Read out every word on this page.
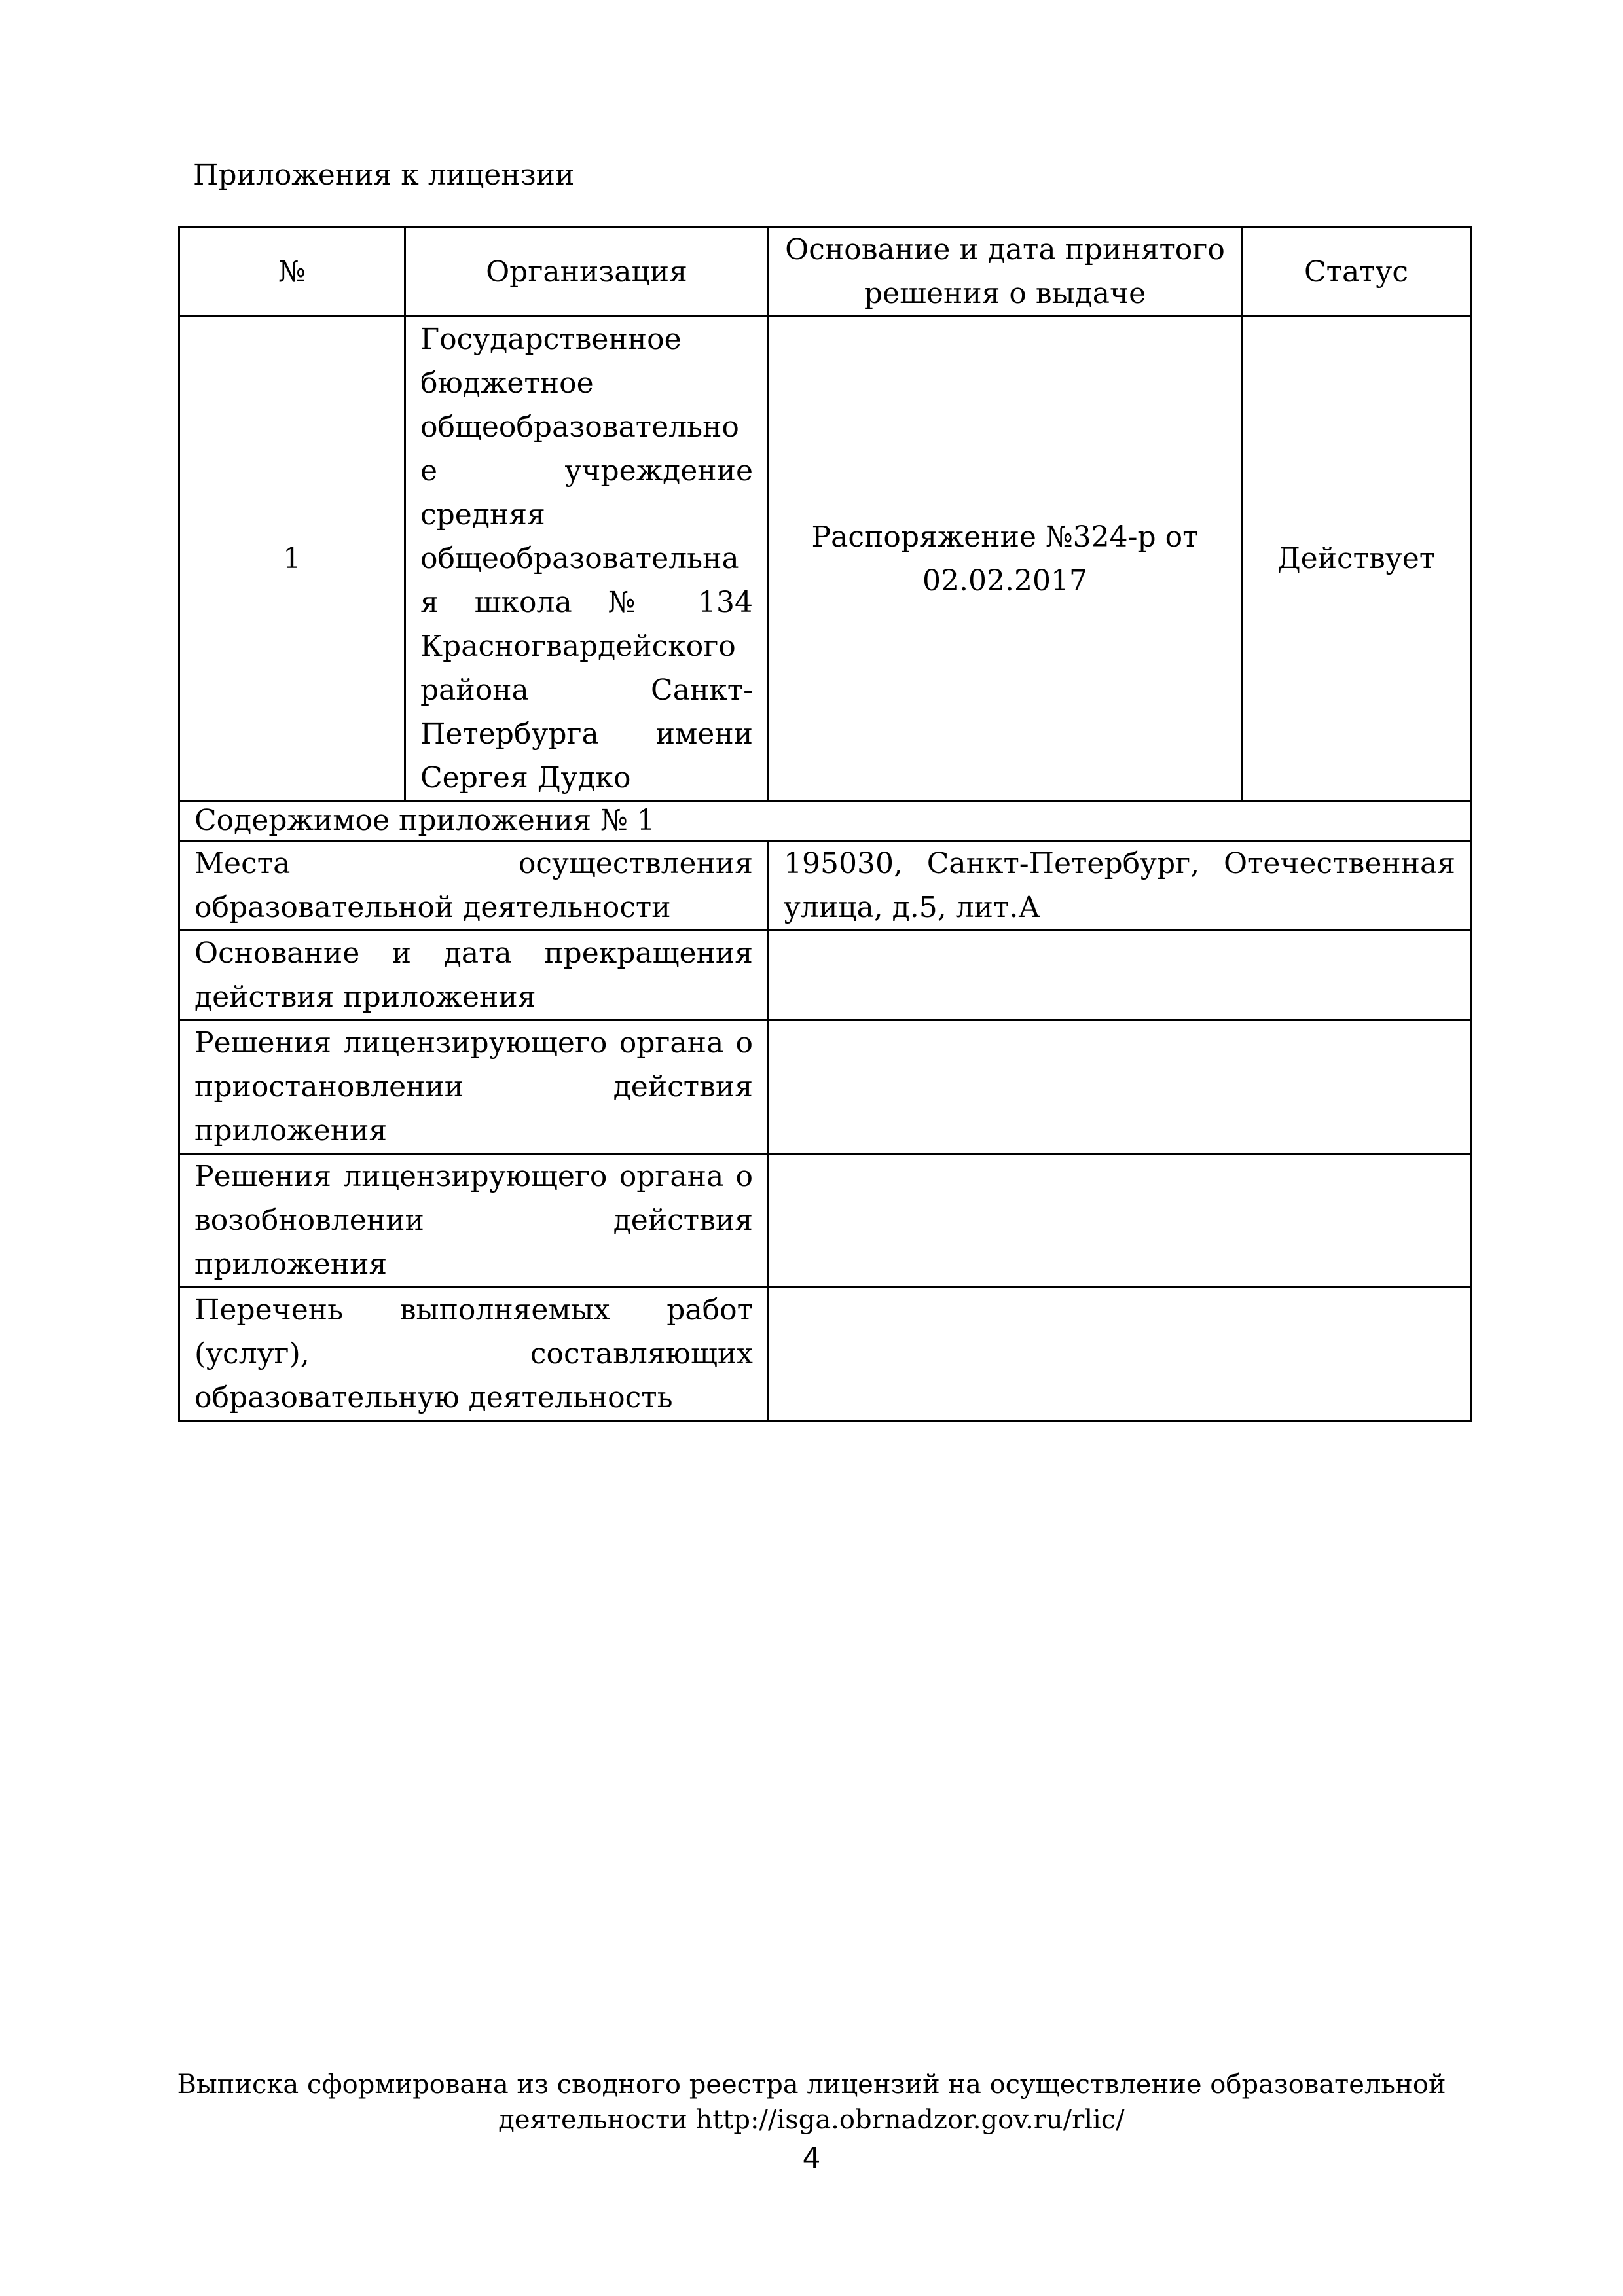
Приложения к лицензии
№	Организация	Основание и дата принятого решения о выдаче	Статус
1	Государственное бюджетное общеобразовательное учреждение средняя общеобразовательная школа № 134 Красногвардейского района Санкт-Петербурга имени Сергея Дудко	Распоряжение №324-р от 02.02.2017	Действует
Содержимое приложения № 1			
Места осуществления образовательной деятельности		195030, Санкт-Петербург, Отечественная улица, д.5, лит.А	
Основание и дата прекращения действия приложения			
Решения лицензирующего органа о приостановлении действия приложения			
Решения лицензирующего органа о возобновлении действия приложения			
Перечень выполняемых работ (услуг), составляющих образовательную деятельность			
Выписка сформирована из сводного реестра лицензий на осуществление образовательной
деятельности http://isga.obrnadzor.gov.ru/rlic/
4
